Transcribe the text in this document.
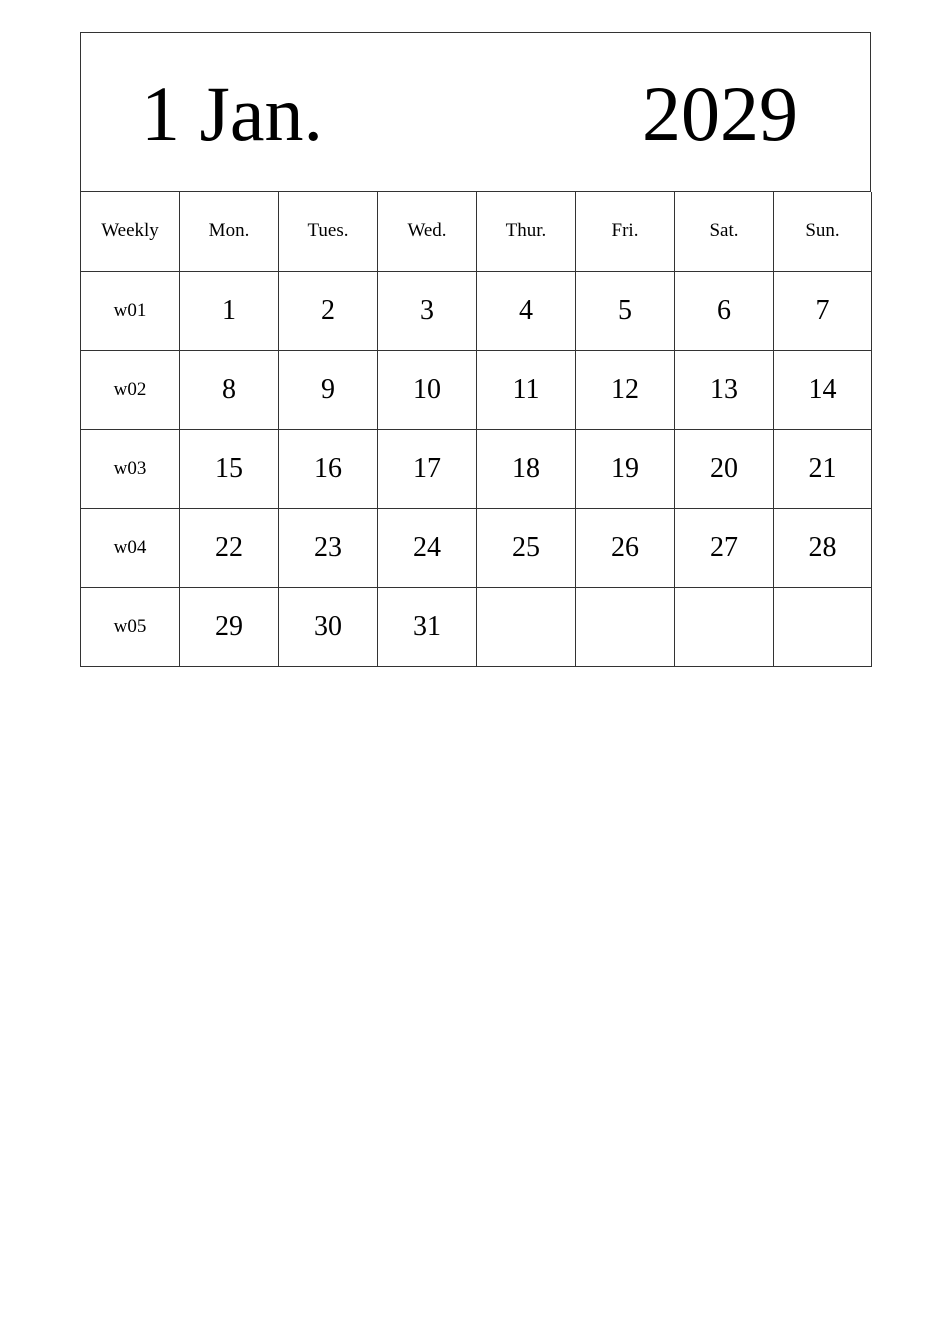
1 Jan.	2029
Weekly	Mon.	Tues.	Wed.	Thur.	Fri.	Sat.	Sun.
w01	1	2	3	4	5	6	7
w02	8	9	10	11	12	13	14
w03	15	16	17	18	19	20	21
w04	22	23	24	25	26	27	28
w05	29	30	31				
